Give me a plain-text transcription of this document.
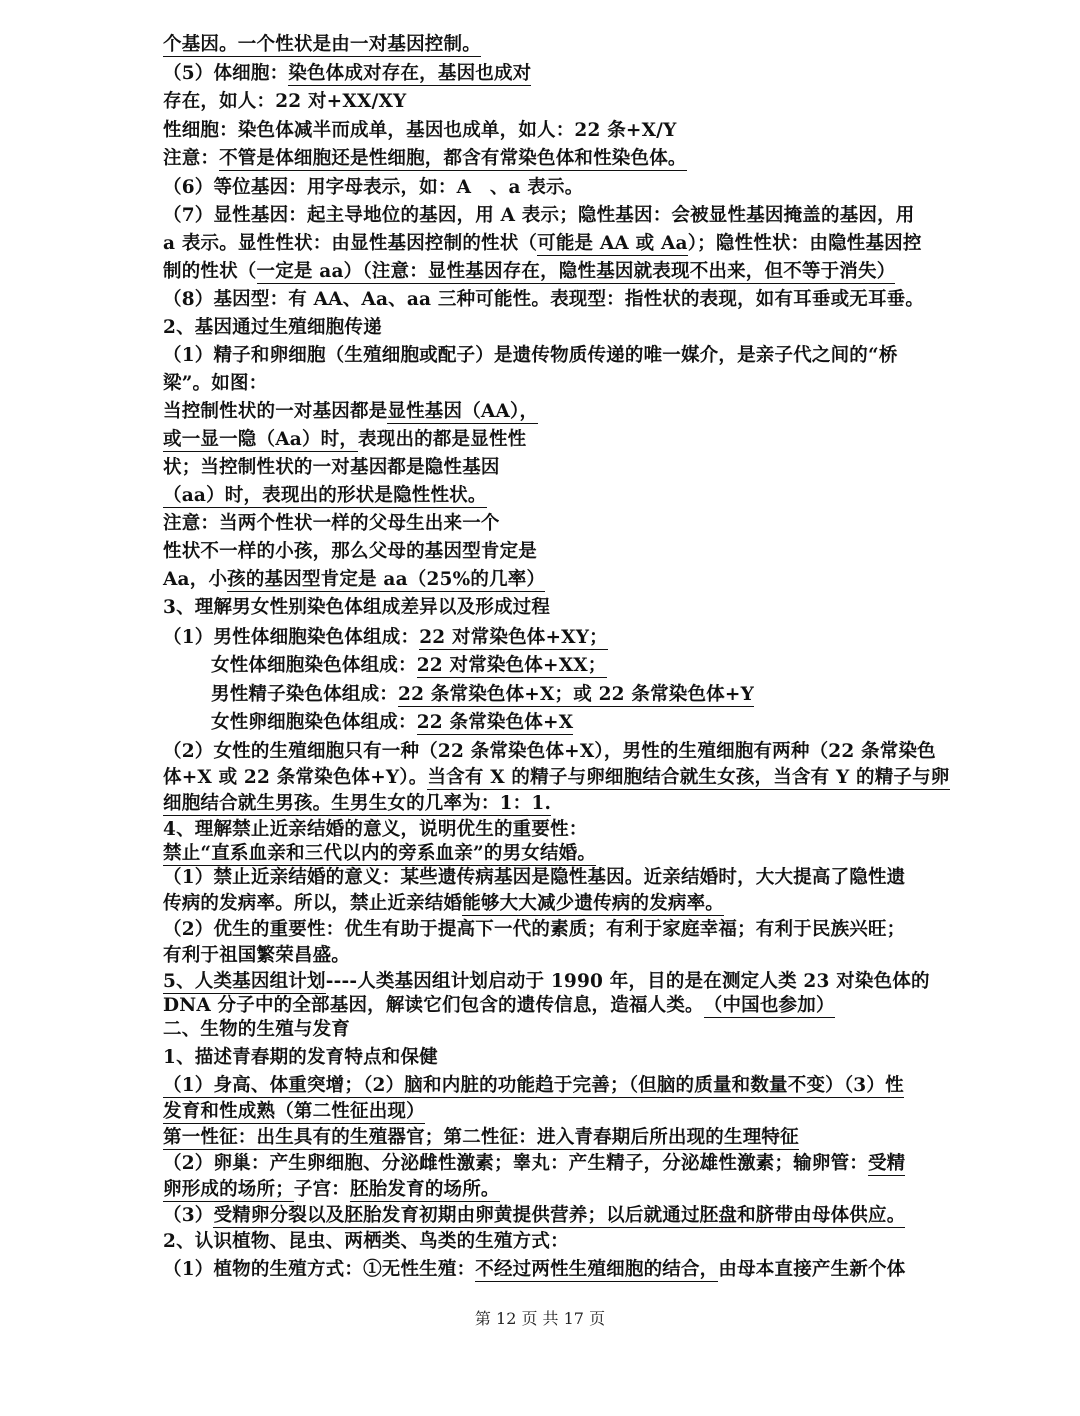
个基因。一个性状是由一对基因控制。
（5）体细胞：染色体成对存在，基因也成对
存在，如人：22 对+XX/XY
性细胞：染色体减半而成单，基因也成单，如人：22 条+X/Y
注意：不管是体细胞还是性细胞，都含有常染色体和性染色体。
（6）等位基因：用字母表示，如：A　、a 表示。
（7）显性基因：起主导地位的基因，用 A 表示；隐性基因：会被显性基因掩盖的基因，用
a 表示。显性性状：由显性基因控制的性状（可能是 AA 或 Aa）；隐性性状：由隐性基因控
制的性状（一定是 aa）（注意：显性基因存在，隐性基因就表现不出来，但不等于消失）
（8）基因型：有 AA、Aa、aa 三种可能性。表现型：指性状的表现，如有耳垂或无耳垂。
2、基因通过生殖细胞传递
（1）精子和卵细胞（生殖细胞或配子）是遗传物质传递的唯一媒介，是亲子代之间的“桥
梁”。如图：
当控制性状的一对基因都是显性基因（AA），
或一显一隐（Aa）时，表现出的都是显性性
状；当控制性状的一对基因都是隐性基因
（aa）时，表现出的形状是隐性性状。
注意：当两个性状一样的父母生出来一个
性状不一样的小孩，那么父母的基因型肯定是
Aa，小孩的基因型肯定是 aa（25%的几率）
3、理解男女性别染色体组成差异以及形成过程
（1）男性体细胞染色体组成：22 对常染色体+XY；
女性体细胞染色体组成：22 对常染色体+XX；
男性精子染色体组成：22 条常染色体+X；或 22 条常染色体+Y
女性卵细胞染色体组成：22 条常染色体+X
（2）女性的生殖细胞只有一种（22 条常染色体+X），男性的生殖细胞有两种（22 条常染色
体+X 或 22 条常染色体+Y）。当含有 X 的精子与卵细胞结合就生女孩，当含有 Y 的精子与卵
细胞结合就生男孩。生男生女的几率为：1：1.
4、理解禁止近亲结婚的意义，说明优生的重要性：
禁止“直系血亲和三代以内的旁系血亲”的男女结婚。
（1）禁止近亲结婚的意义：某些遗传病基因是隐性基因。近亲结婚时，大大提高了隐性遗
传病的发病率。所以，禁止近亲结婚能够大大减少遗传病的发病率。
（2）优生的重要性：优生有助于提高下一代的素质；有利于家庭幸福；有利于民族兴旺；
有利于祖国繁荣昌盛。
5、人类基因组计划----人类基因组计划启动于 1990 年，目的是在测定人类 23 对染色体的
DNA 分子中的全部基因，解读它们包含的遗传信息，造福人类。（中国也参加）
二、生物的生殖与发育
1、描述青春期的发育特点和保健
（1）身高、体重突增；（2）脑和内脏的功能趋于完善；（但脑的质量和数量不变）（3）性
发育和性成熟（第二性征出现）
第一性征：出生具有的生殖器官；第二性征：进入青春期后所出现的生理特征
（2）卵巢：产生卵细胞、分泌雌性激素；睾丸：产生精子，分泌雄性激素；输卵管：受精
卵形成的场所；子宫：胚胎发育的场所。
（3）受精卵分裂以及胚胎发育初期由卵黄提供营养；以后就通过胚盘和脐带由母体供应。
2、认识植物、昆虫、两栖类、鸟类的生殖方式：
（1）植物的生殖方式：①无性生殖：不经过两性生殖细胞的结合，由母本直接产生新个体
第 12 页 共 17 页
